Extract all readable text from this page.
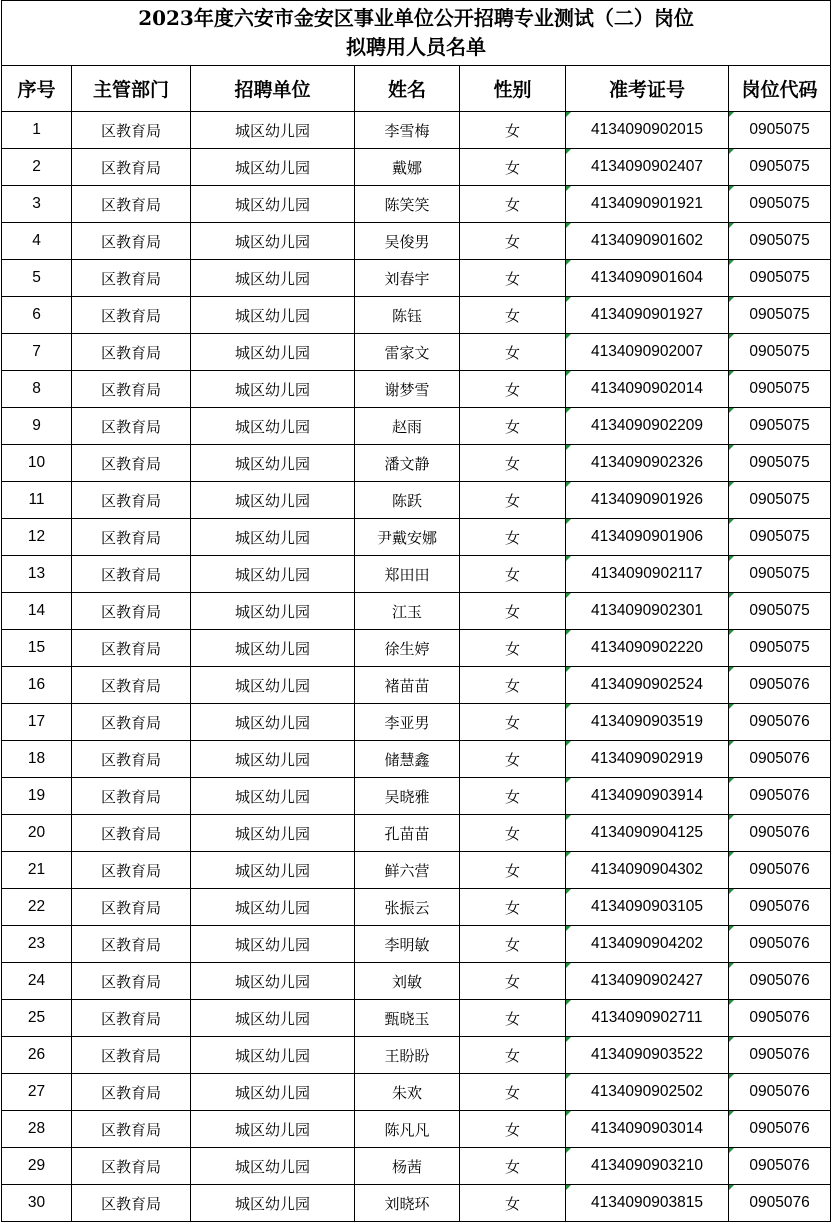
2023年度六安市金安区事业单位公开招聘专业测试（二）岗位
拟聘用人员名单						

序号	主管部门	招聘单位	姓名	性别	准考证号	岗位代码
1	区教育局	城区幼儿园	李雪梅	女	4134090902015	0905075
2	区教育局	城区幼儿园	戴娜	女	4134090902407	0905075
3	区教育局	城区幼儿园	陈笑笑	女	4134090901921	0905075
4	区教育局	城区幼儿园	吴俊男	女	4134090901602	0905075
5	区教育局	城区幼儿园	刘春宇	女	4134090901604	0905075
6	区教育局	城区幼儿园	陈钰	女	4134090901927	0905075
7	区教育局	城区幼儿园	雷家文	女	4134090902007	0905075
8	区教育局	城区幼儿园	谢梦雪	女	4134090902014	0905075
9	区教育局	城区幼儿园	赵雨	女	4134090902209	0905075
10	区教育局	城区幼儿园	潘文静	女	4134090902326	0905075
11	区教育局	城区幼儿园	陈跃	女	4134090901926	0905075
12	区教育局	城区幼儿园	尹戴安娜	女	4134090901906	0905075
13	区教育局	城区幼儿园	郑田田	女	4134090902117	0905075
14	区教育局	城区幼儿园	江玉	女	4134090902301	0905075
15	区教育局	城区幼儿园	徐生婷	女	4134090902220	0905075
16	区教育局	城区幼儿园	褚苗苗	女	4134090902524	0905076
17	区教育局	城区幼儿园	李亚男	女	4134090903519	0905076
18	区教育局	城区幼儿园	储慧鑫	女	4134090902919	0905076
19	区教育局	城区幼儿园	吴晓雅	女	4134090903914	0905076
20	区教育局	城区幼儿园	孔苗苗	女	4134090904125	0905076
21	区教育局	城区幼儿园	鲜六营	女	4134090904302	0905076
22	区教育局	城区幼儿园	张振云	女	4134090903105	0905076
23	区教育局	城区幼儿园	李明敏	女	4134090904202	0905076
24	区教育局	城区幼儿园	刘敏	女	4134090902427	0905076
25	区教育局	城区幼儿园	甄晓玉	女	4134090902711	0905076
26	区教育局	城区幼儿园	王盼盼	女	4134090903522	0905076
27	区教育局	城区幼儿园	朱欢	女	4134090902502	0905076
28	区教育局	城区幼儿园	陈凡凡	女	4134090903014	0905076
29	区教育局	城区幼儿园	杨茜	女	4134090903210	0905076
30	区教育局	城区幼儿园	刘晓环	女	4134090903815	0905076
